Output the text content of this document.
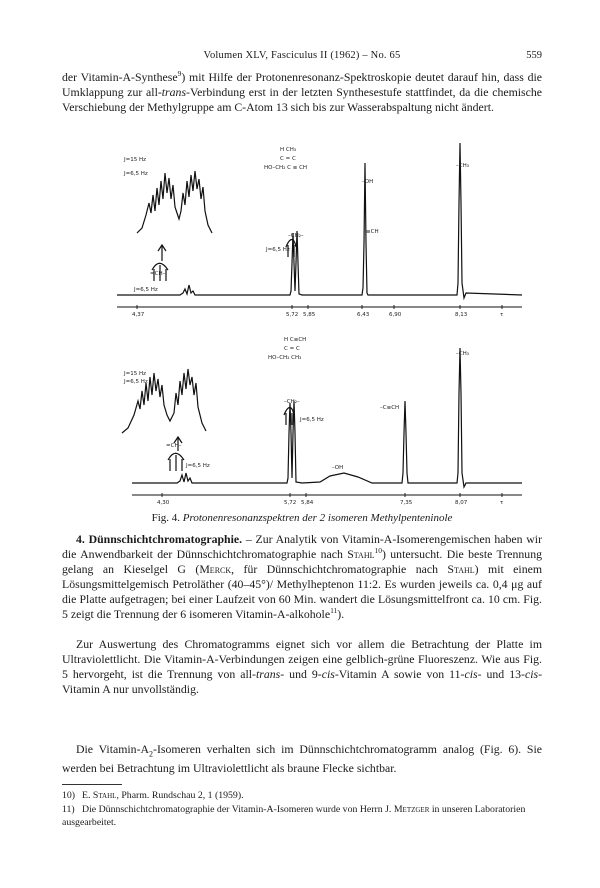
Volumen XLV, Fasciculus II (1962) – No. 65	559

der Vitamin-A-Synthese$^9$) mit Hilfe der Protonenresonanz-Spektroskopie deutet darauf hin, dass die Umklappung zur all-trans-Verbindung erst in der letzten Synthesestufe stattfindet, da die chemische Verschiebung der Methylgruppe am C-Atom 13 sich bis zur Wasserabspaltung nicht ändert.

J=15 Hz
J=6,5 Hz
=CH–
J=6,5 Hz
–CH₂–
J=6,5 Hz
–OH
≡CH
–CH₃
H CH₃
C = C
HO–CH₂ C ≡ CH
4,37	5,72 5,85	6,43	6,90	8,13	τ
J=15 Hz
J=6,5 Hz
=CH–
J=6,5 Hz
–CH₂–
J=6,5 Hz
–OH
–C≡CH
–CH₃
H C≡CH
C = C
HO–CH₂ CH₃
4,30	5,72 5,84	7,35	8,07	τ
Fig. 4. Protonenresonanzspektren der 2 isomeren Methylpenteninole

4. Dünnschichtchromatographie. – Zur Analytik von Vitamin-A-Isomerengemischen haben wir die Anwendbarkeit der Dünnschichtchromatographie nach Stahl$^{10}$) untersucht. Die beste Trennung gelang an Kieselgel G (Merck, für Dünnschichtchromatographie nach Stahl) mit einem Lösungsmittelgemisch Petroläther (40–45°)/ Methylheptenon 11:2. Es wurden jeweils ca. 0,4 μg auf die Platte aufgetragen; bei einer Laufzeit von 60 Min. wandert die Lösungsmittelfront ca. 10 cm. Fig. 5 zeigt die Trennung der 6 isomeren Vitamin-A-alkohole$^{11}$).

Zur Auswertung des Chromatogramms eignet sich vor allem die Betrachtung der Platte im Ultraviolettlicht. Die Vitamin-A-Verbindungen zeigen eine gelblich-grüne Fluoreszenz. Wie aus Fig. 5 hervorgeht, ist die Trennung von all-trans- und 9-cis-Vitamin A sowie von 11-cis- und 13-cis-Vitamin A nur unvollständig.

Die Vitamin-$A_2$-Isomeren verhalten sich im Dünnschichtchromatogramm analog (Fig. 6). Sie werden bei Betrachtung im Ultraviolettlicht als braune Flecke sichtbar.

10) E. Stahl, Pharm. Rundschau 2, 1 (1959).

11) Die Dünnschichtchromatographie der Vitamin-A-Isomeren wurde von Herrn J. Metzger in unseren Laboratorien ausgearbeitet.
